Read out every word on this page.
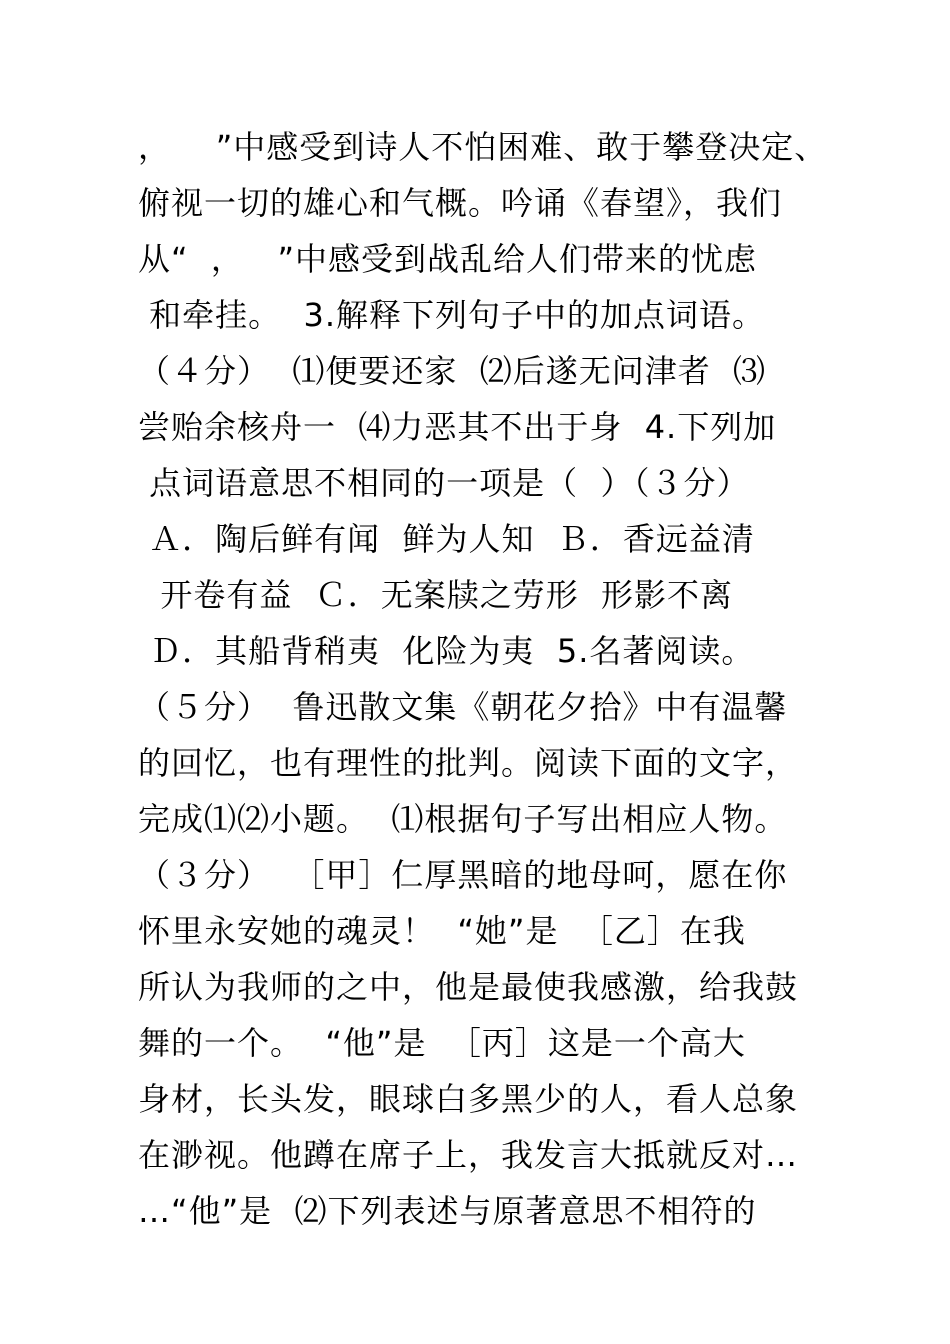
，    ”中感受到诗人不怕困难、敢于攀登决定、
俯视一切的雄心和气概。吟诵《春望》，我们
从“  ，   ”中感受到战乱给人们带来的忧虑
和牵挂。  3.解释下列句子中的加点词语。
（４分）  ⑴便要还家  ⑵后遂无问津者  ⑶
尝贻余核舟一  ⑷力恶其不出于身  4.下列加
点词语意思不相同的一项是（  ）（３分）
Ａ．陶后鲜有闻  鲜为人知  Ｂ．香远益清
开卷有益  Ｃ．无案牍之劳形  形影不离
Ｄ．其船背稍夷  化险为夷  5.名著阅读。
（５分）  鲁迅散文集《朝花夕拾》中有温馨
的回忆，也有理性的批判。阅读下面的文字，
完成⑴⑵小题。  ⑴根据句子写出相应人物。
（３分）  ［甲］仁厚黑暗的地母呵，愿在你
怀里永安她的魂灵！  “她”是  ［乙］在我
所认为我师的之中，他是最使我感激，给我鼓
舞的一个。  “他”是  ［丙］这是一个高大
身材，长头发，眼球白多黑少的人，看人总象
在渺视。他蹲在席子上，我发言大抵就反对…
…“他”是  ⑵下列表述与原著意思不相符的
